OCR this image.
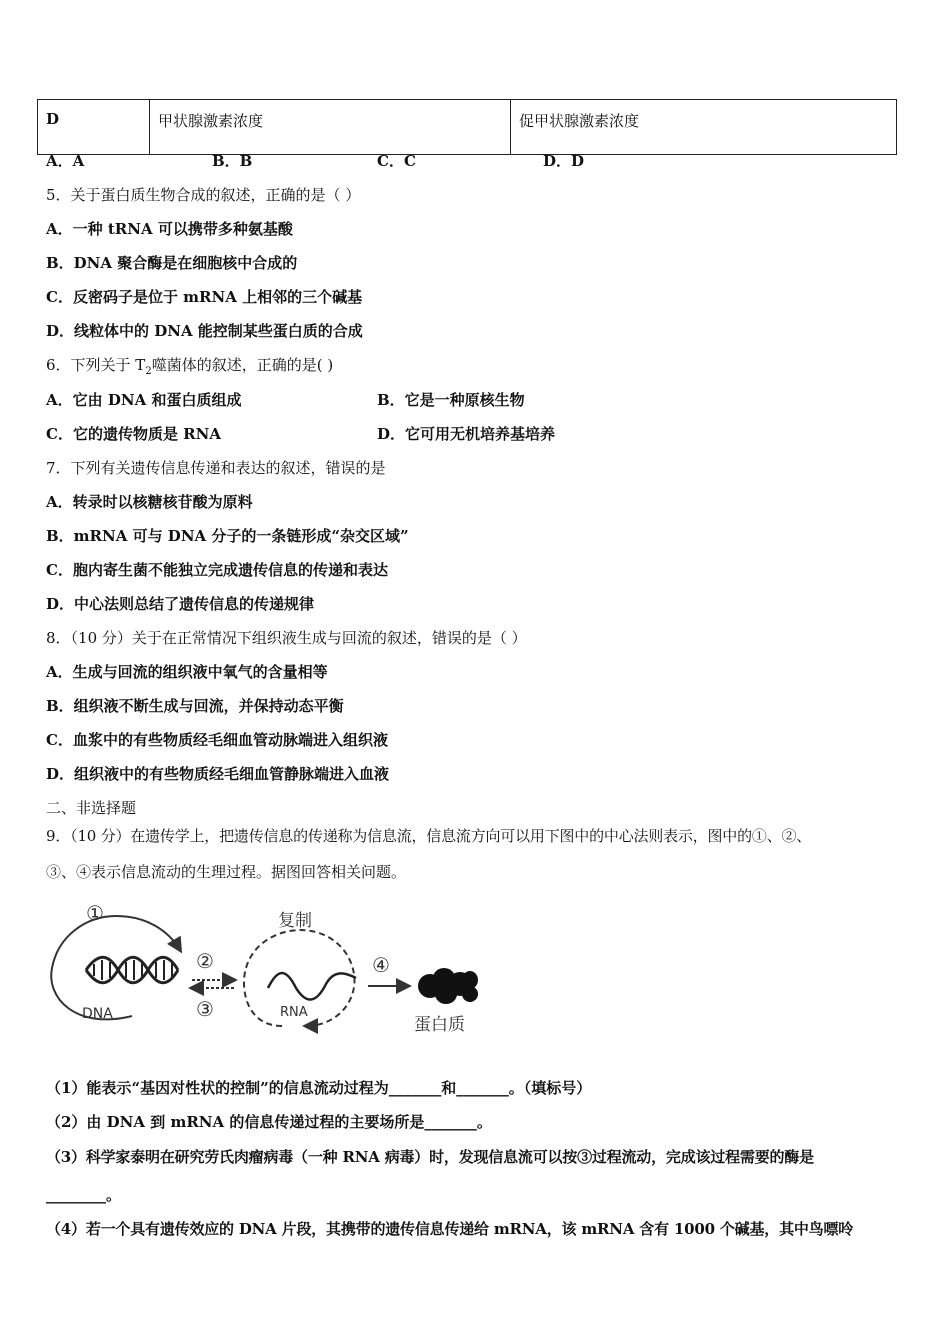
D	甲状腺激素浓度	促甲状腺激素浓度
A．A	B．B	C．C	D．D
5．关于蛋白质生物合成的叙述，正确的是（ ）
A．一种 tRNA 可以携带多种氨基酸
B．DNA 聚合酶是在细胞核中合成的
C．反密码子是位于 mRNA 上相邻的三个碱基
D．线粒体中的 DNA 能控制某些蛋白质的合成
6．下列关于 $T_2$噬菌体的叙述，正确的是( )
A．它由 DNA 和蛋白质组成	B．它是一种原核生物
C．它的遗传物质是 RNA	D．它可用无机培养基培养
7．下列有关遗传信息传递和表达的叙述，错误的是
A．转录时以核糖核苷酸为原料
B．mRNA 可与 DNA 分子的一条链形成“杂交区域”
C．胞内寄生菌不能独立完成遗传信息的传递和表达
D．中心法则总结了遗传信息的传递规律
8．（10 分）关于在正常情况下组织液生成与回流的叙述，错误的是（ ）
A．生成与回流的组织液中氧气的含量相等
B．组织液不断生成与回流，并保持动态平衡
C．血浆中的有些物质经毛细血管动脉端进入组织液
D．组织液中的有些物质经毛细血管静脉端进入血液
二、非选择题
9．（10 分）在遗传学上，把遗传信息的传递称为信息流，信息流方向可以用下图中的中心法则表示，图中的①、②、
③、④表示信息流动的生理过程。据图回答相关问题。
①
DNA
②
③
复制
RNA
④
蛋白质
（1）能表示“基因对性状的控制”的信息流动过程为_______和_______。（填标号）
（2）由 DNA 到 mRNA 的信息传递过程的主要场所是_______。
（3）科学家泰明在研究劳氏肉瘤病毒（一种 RNA 病毒）时，发现信息流可以按③过程流动，完成该过程需要的酶是
________。
（4）若一个具有遗传效应的 DNA 片段，其携带的遗传信息传递给 mRNA，该 mRNA 含有 1000 个碱基，其中鸟嘌呤
